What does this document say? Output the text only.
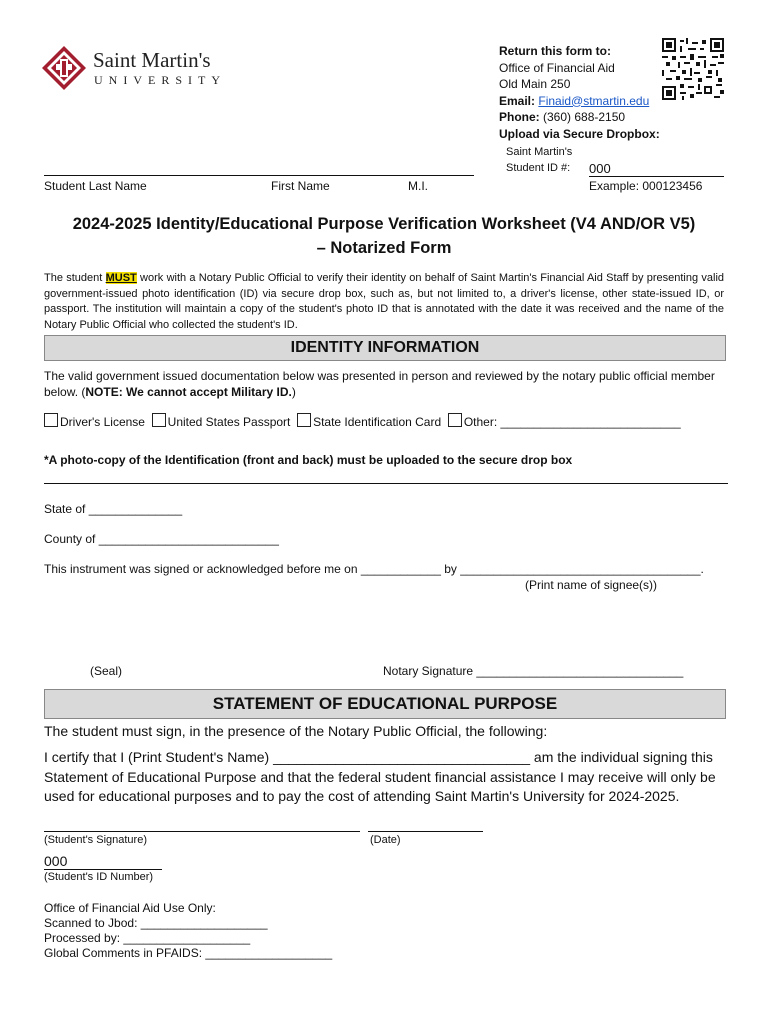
Saint Martin's
UNIVERSITY
Return this form to:
Office of Financial Aid
Old Main 250
Email: Finaid@stmartin.edu
Phone: (360) 688-2150
Upload via Secure Dropbox:
Saint Martin's
Student ID #: 000
Example: 000123456
Student Last Name	First Name	M.I.
2024-2025 Identity/Educational Purpose Verification Worksheet (V4 AND/OR V5)
– Notarized Form

The student MUST work with a Notary Public Official to verify their identity on behalf of Saint Martin's Financial Aid Staff by presenting valid government-issued photo identification (ID) via secure drop box, such as, but not limited to, a driver's license, other state-issued ID, or passport. The institution will maintain a copy of the student's photo ID that is annotated with the date it was received and the name of the Notary Public Official who collected the student's ID.

IDENTITY INFORMATION

The valid government issued documentation below was presented in person and reviewed by the notary public official member below. (NOTE: We cannot accept Military ID.)

Driver's License United States Passport State Identification Card Other: ___________________________
*A photo-copy of the Identification (front and back) must be uploaded to the secure drop box
State of ______________
County of ___________________________
This instrument was signed or acknowledged before me on ____________ by ____________________________________.
(Print name of signee(s))
(Seal)	Notary Signature _______________________________
STATEMENT OF EDUCATIONAL PURPOSE
The student must sign, in the presence of the Notary Public Official, the following:
I certify that I (Print Student's Name) _________________________________ am the individual signing this
Statement of Educational Purpose and that the federal student financial assistance I may receive will only be
used for educational purposes and to pay the cost of attending Saint Martin's University for 2024-2025.
(Student's Signature)	(Date)
000
(Student's ID Number)
Office of Financial Aid Use Only:
Scanned to Jbod: ___________________
Processed by: ___________________
Global Comments in PFAIDS: ___________________
